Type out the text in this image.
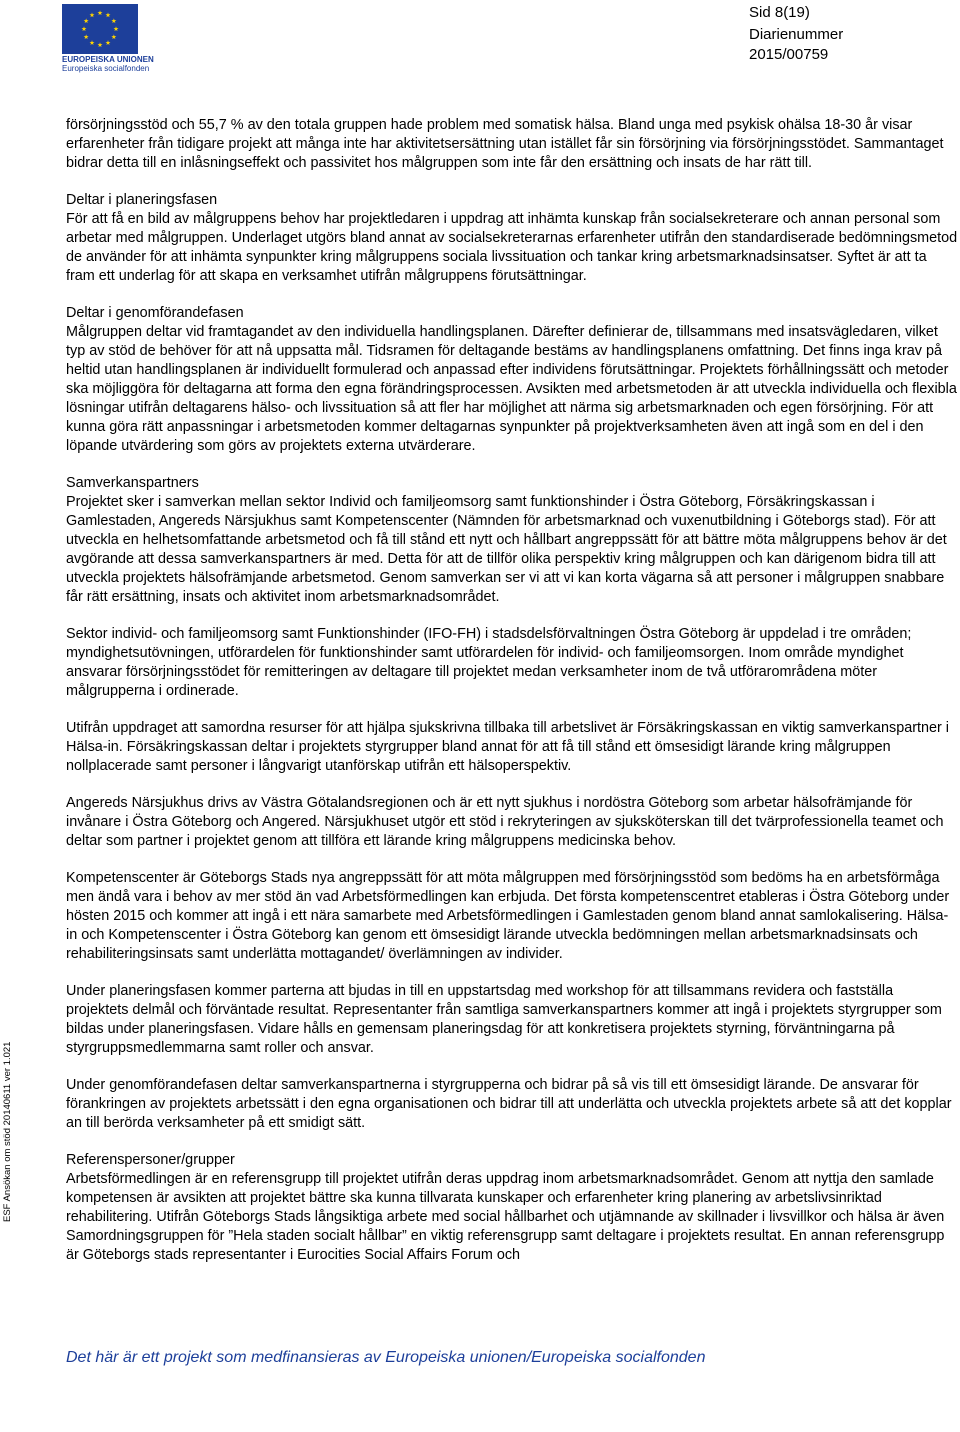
EUROPEISKA UNIONEN
Europeiska socialfonden
Sid 8(19)
Diarienummer
2015/00759

försörjningsstöd och 55,7 % av den totala gruppen hade problem med somatisk hälsa. Bland unga med psykisk ohälsa 18-30 år visar erfarenheter från tidigare projekt att många inte har aktivitetsersättning utan istället får sin försörjning via försörjningsstödet. Sammantaget bidrar detta till en inlåsningseffekt och passivitet hos målgruppen som inte får den ersättning och insats de har rätt till.

Deltar i planeringsfasen
För att få en bild av målgruppens behov har projektledaren i uppdrag att inhämta kunskap från socialsekreterare och annan personal som arbetar med målgruppen. Underlaget utgörs bland annat av socialsekreterarnas erfarenheter utifrån den standardiserade bedömningsmetod de använder för att inhämta synpunkter kring målgruppens sociala livssituation och tankar kring arbetsmarknadsinsatser. Syftet är att ta fram ett underlag för att skapa en verksamhet utifrån målgruppens förutsättningar.

Deltar i genomförandefasen
Målgruppen deltar vid framtagandet av den individuella handlingsplanen. Därefter definierar de, tillsammans med insatsvägledaren, vilket typ av stöd de behöver för att nå uppsatta mål. Tidsramen för deltagande bestäms av handlingsplanens omfattning. Det finns inga krav på heltid utan handlingsplanen är individuellt formulerad och anpassad efter individens förutsättningar. Projektets förhållningssätt och metoder ska möjliggöra för deltagarna att forma den egna förändringsprocessen. Avsikten med arbetsmetoden är att utveckla individuella och flexibla lösningar utifrån deltagarens hälso- och livssituation så att fler har möjlighet att närma sig arbetsmarknaden och egen försörjning. För att kunna göra rätt anpassningar i arbetsmetoden kommer deltagarnas synpunkter på projektverksamheten även att ingå som en del i den löpande utvärdering som görs av projektets externa utvärderare.

Samverkanspartners
Projektet sker i samverkan mellan sektor Individ och familjeomsorg samt funktionshinder i Östra Göteborg, Försäkringskassan i Gamlestaden, Angereds Närsjukhus samt Kompetenscenter (Nämnden för arbetsmarknad och vuxenutbildning i Göteborgs stad). För att utveckla en helhetsomfattande arbetsmetod och få till stånd ett nytt och hållbart angreppssätt för att bättre möta målgruppens behov är det avgörande att dessa samverkanspartners är med. Detta för att de tillför olika perspektiv kring målgruppen och kan därigenom bidra till att utveckla projektets hälsofrämjande arbetsmetod. Genom samverkan ser vi att vi kan korta vägarna så att personer i målgruppen snabbare får rätt ersättning, insats och aktivitet inom arbetsmarknadsområdet.

Sektor individ- och familjeomsorg samt Funktionshinder (IFO-FH) i stadsdelsförvaltningen Östra Göteborg är uppdelad i tre områden; myndighetsutövningen, utförardelen för funktionshinder samt utförardelen för individ- och familjeomsorgen. Inom område myndighet ansvarar försörjningsstödet för remitteringen av deltagare till projektet medan verksamheter inom de två utförarområdena möter målgrupperna i ordinerade.

Utifrån uppdraget att samordna resurser för att hjälpa sjukskrivna tillbaka till arbetslivet är Försäkringskassan en viktig samverkanspartner i Hälsa-in. Försäkringskassan deltar i projektets styrgrupper bland annat för att få till stånd ett ömsesidigt lärande kring målgruppen nollplacerade samt personer i långvarigt utanförskap utifrån ett hälsoperspektiv.

Angereds Närsjukhus drivs av Västra Götalandsregionen och är ett nytt sjukhus i nordöstra Göteborg som arbetar hälsofrämjande för invånare i Östra Göteborg och Angered. Närsjukhuset utgör ett stöd i rekryteringen av sjuksköterskan till det tvärprofessionella teamet och deltar som partner i projektet genom att tillföra ett lärande kring målgruppens medicinska behov.

Kompetenscenter är Göteborgs Stads nya angreppssätt för att möta målgruppen med försörjningsstöd som bedöms ha en arbetsförmåga men ändå vara i behov av mer stöd än vad Arbetsförmedlingen kan erbjuda. Det första kompetenscentret etableras i Östra Göteborg under hösten 2015 och kommer att ingå i ett nära samarbete med Arbetsförmedlingen i Gamlestaden genom bland annat samlokalisering. Hälsa-in och Kompetenscenter i Östra Göteborg kan genom ett ömsesidigt lärande utveckla bedömningen mellan arbetsmarknadsinsats och rehabiliteringsinsats samt underlätta mottagandet/ överlämningen av individer.

Under planeringsfasen kommer parterna att bjudas in till en uppstartsdag med workshop för att tillsammans revidera och fastställa projektets delmål och förväntade resultat. Representanter från samtliga samverkanspartners kommer att ingå i projektets styrgrupper som bildas under planeringsfasen. Vidare hålls en gemensam planeringsdag för att konkretisera projektets styrning, förväntningarna på styrgruppsmedlemmarna samt roller och ansvar.

Under genomförandefasen deltar samverkanspartnerna i styrgrupperna och bidrar på så vis till ett ömsesidigt lärande. De ansvarar för förankringen av projektets arbetssätt i den egna organisationen och bidrar till att underlätta och utveckla projektets arbete så att det kopplar an till berörda verksamheter på ett smidigt sätt.

Referenspersoner/grupper
Arbetsförmedlingen är en referensgrupp till projektet utifrån deras uppdrag inom arbetsmarknadsområdet. Genom att nyttja den samlade kompetensen är avsikten att projektet bättre ska kunna tillvarata kunskaper och erfarenheter kring planering av arbetslivsinriktad rehabilitering. Utifrån Göteborgs Stads långsiktiga arbete med social hållbarhet och utjämnande av skillnader i livsvillkor och hälsa är även Samordningsgruppen för ”Hela staden socialt hållbar” en viktig referensgrupp samt deltagare i projektets resultat. En annan referensgrupp är Göteborgs stads representanter i Eurocities Social Affairs Forum och

ESF Ansökan om stöd 20140611 ver 1.021
Det här är ett projekt som medfinansieras av Europeiska unionen/Europeiska socialfonden
